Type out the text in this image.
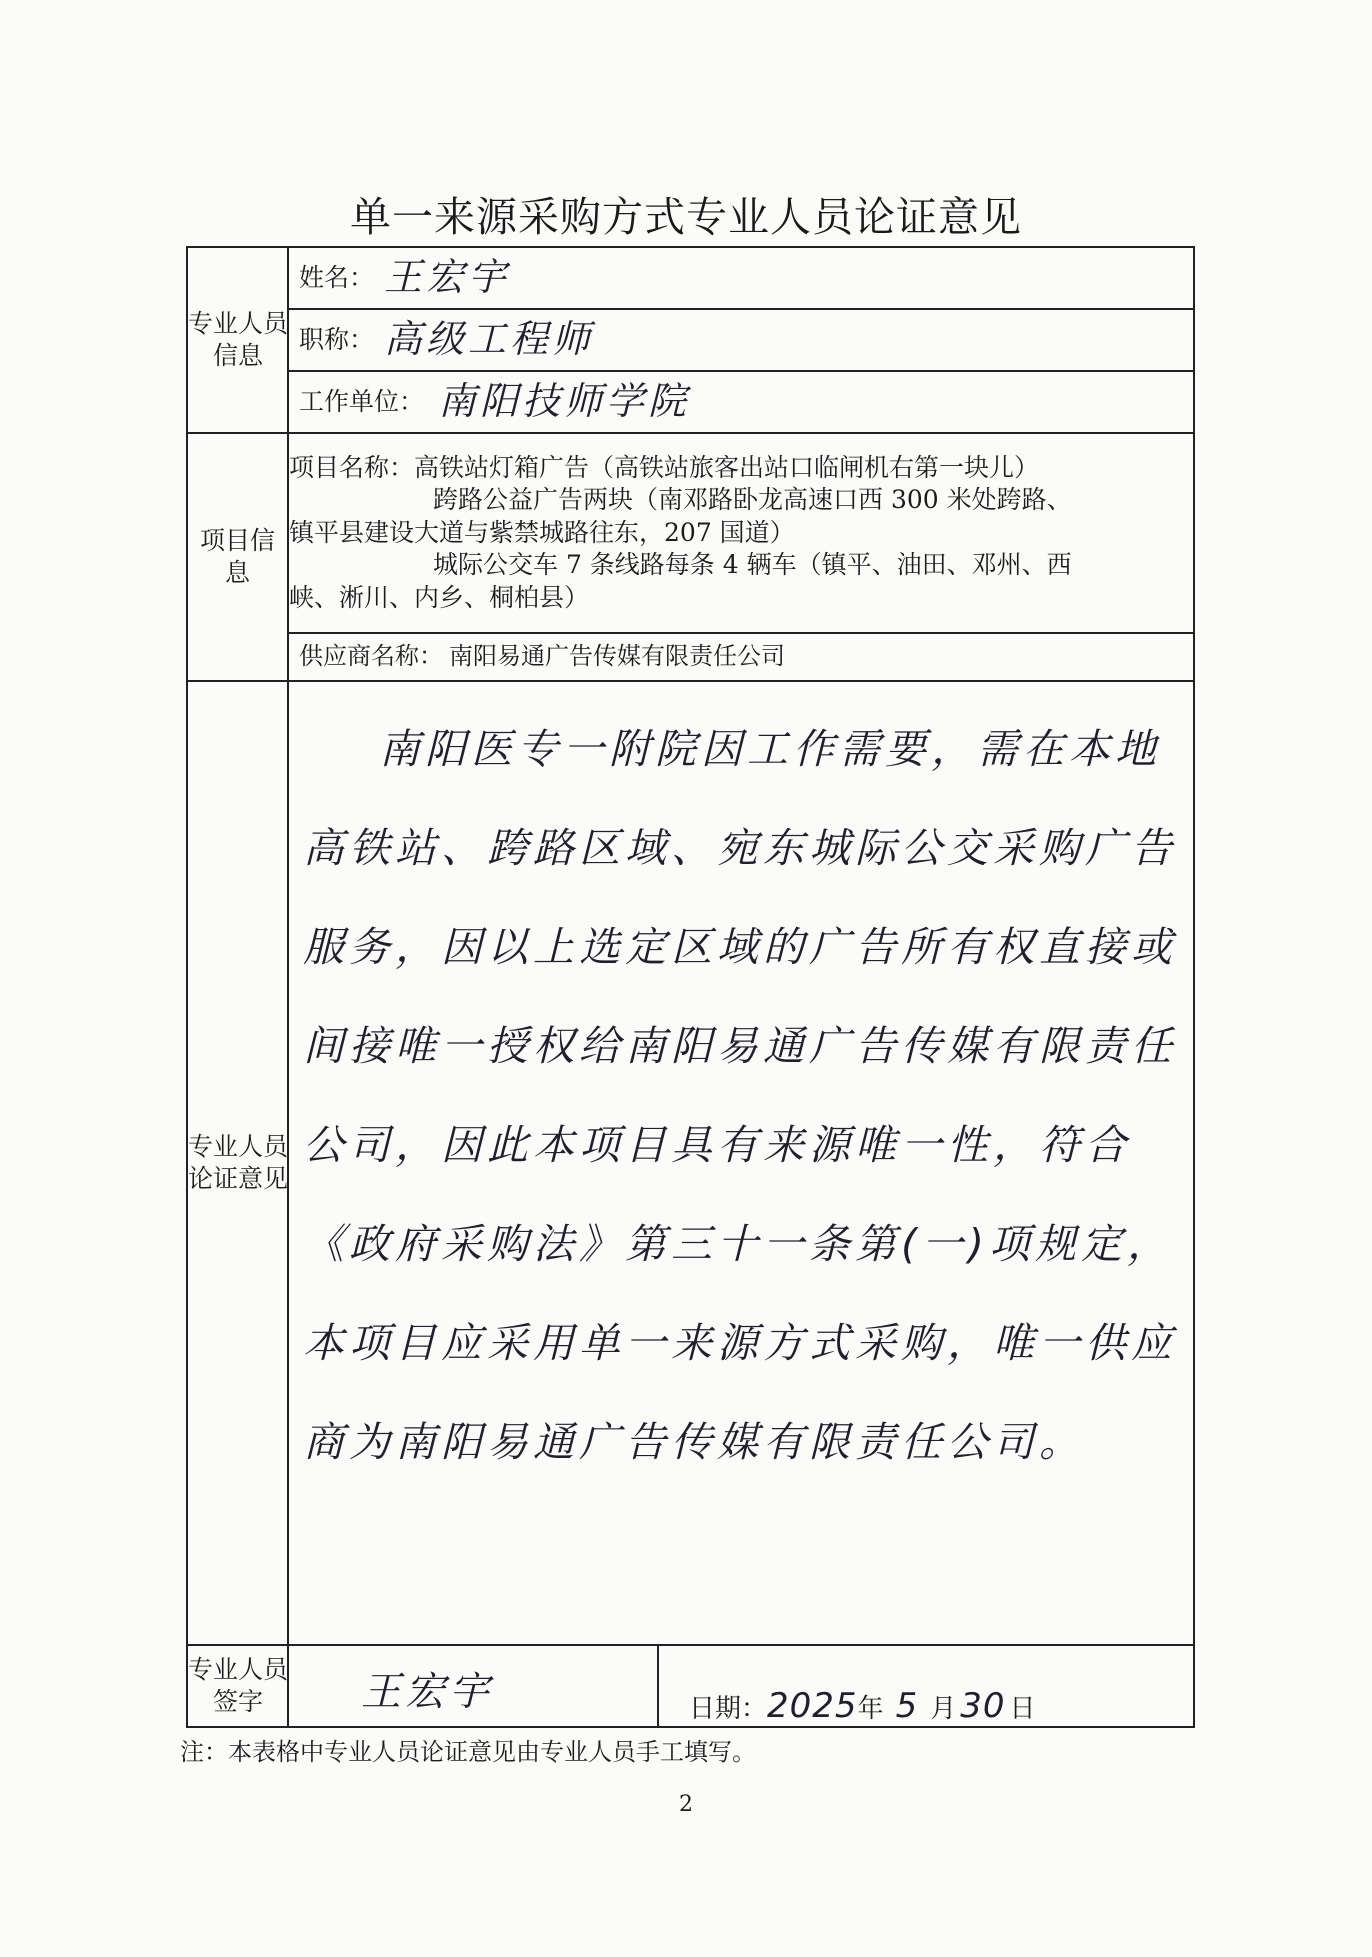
单一来源采购方式专业人员论证意见
专业人员信息	姓名： 王宏宇	

	职称： 高级工程师	

	工作单位： 南阳技师学院	

项目信息	项目名称：高铁站灯箱广告（高铁站旅客出站口临闸机右第一块儿）
跨路公益广告两块（南邓路卧龙高速口西 300 米处跨路、
镇平县建设大道与紫禁城路往东，207 国道）
城际公交车 7 条线路每条 4 辆车（镇平、油田、邓州、西
峡、淅川、内乡、桐柏县）	

	供应商名称： 南阳易通广告传媒有限责任公司	

专业人员论证意见	南阳医专一附院因工作需要，需在本地高铁站、跨路区域、宛东城际公交采购广告服务，因以上选定区域的广告所有权直接或间接唯一授权给南阳易通广告传媒有限责任公司，因此本项目具有来源唯一性，符合《政府采购法》第三十一条第(一)项规定，本项目应采用单一来源方式采购，唯一供应商为南阳易通广告传媒有限责任公司。	

专业人员签字	王宏宇	日期：2025年 5 月 30 日
注：本表格中专业人员论证意见由专业人员手工填写。
2
